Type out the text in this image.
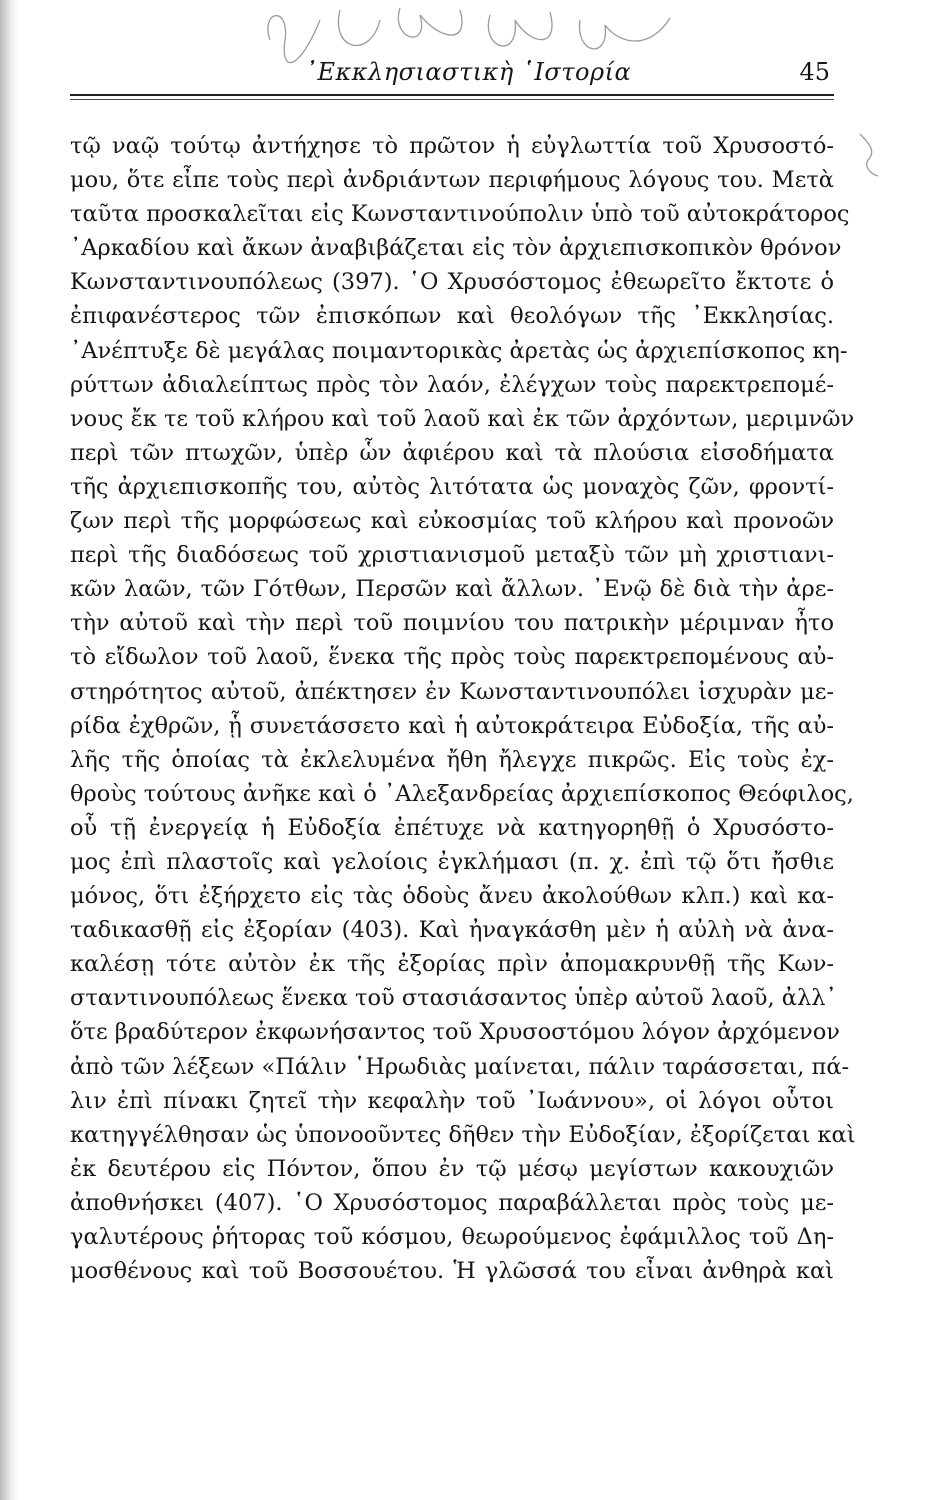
᾿Εκκλησιαστικὴ ῾Ιστορία	45
τῷ ναῷ τούτῳ ἀντήχησε τὸ πρῶτον ἡ εὐγλωττία τοῦ Χρυσοστό-
μου, ὅτε εἶπε τοὺς περὶ ἀνδριάντων περιφήμους λόγους του. Μετὰ
ταῦτα προσκαλεῖται εἰς Κωνσταντινούπολιν ὑπὸ τοῦ αὐτοκράτορος
᾿Αρκαδίου καὶ ἄκων ἀναβιβάζεται εἰς τὸν ἀρχιεπισκοπικὸν θρόνον
Κωνσταντινουπόλεως (397). ῾Ο Χρυσόστομος ἐθεωρεῖτο ἔκτοτε ὁ
ἐπιφανέστερος τῶν ἐπισκόπων καὶ θεολόγων τῆς ᾿Εκκλησίας.
᾿Ανέπτυξε δὲ μεγάλας ποιμαντορικὰς ἀρετὰς ὡς ἀρχιεπίσκοπος κη-
ρύττων ἀδιαλείπτως πρὸς τὸν λαόν, ἐλέγχων τοὺς παρεκτρεπομέ-
νους ἔκ τε τοῦ κλήρου καὶ τοῦ λαοῦ καὶ ἐκ τῶν ἀρχόντων, μεριμνῶν
περὶ τῶν πτωχῶν, ὑπὲρ ὧν ἀφιέρου καὶ τὰ πλούσια εἰσοδήματα
τῆς ἀρχιεπισκοπῆς του, αὐτὸς λιτότατα ὡς μοναχὸς ζῶν, φροντί-
ζων περὶ τῆς μορφώσεως καὶ εὐκοσμίας τοῦ κλήρου καὶ προνοῶν
περὶ τῆς διαδόσεως τοῦ χριστιανισμοῦ μεταξὺ τῶν μὴ χριστιανι-
κῶν λαῶν, τῶν Γότθων, Περσῶν καὶ ἄλλων. ᾿Ενῷ δὲ διὰ τὴν ἀρε-
τὴν αὐτοῦ καὶ τὴν περὶ τοῦ ποιμνίου του πατρικὴν μέριμναν ἦτο
τὸ εἴδωλον τοῦ λαοῦ, ἕνεκα τῆς πρὸς τοὺς παρεκτρεπομένους αὐ-
στηρότητος αὐτοῦ, ἀπέκτησεν ἐν Κωνσταντινουπόλει ἰσχυρὰν με-
ρίδα ἐχθρῶν, ᾗ συνετάσσετο καὶ ἡ αὐτοκράτειρα Εὐδοξία, τῆς αὐ-
λῆς τῆς ὁποίας τὰ ἐκλελυμένα ἤθη ἤλεγχε πικρῶς. Εἰς τοὺς ἐχ-
θροὺς τούτους ἀνῆκε καὶ ὁ ᾿Αλεξανδρείας ἀρχιεπίσκοπος Θεόφιλος,
οὗ τῇ ἐνεργείᾳ ἡ Εὐδοξία ἐπέτυχε νὰ κατηγορηθῇ ὁ Χρυσόστο-
μος ἐπὶ πλαστοῖς καὶ γελοίοις ἐγκλήμασι (π. χ. ἐπὶ τῷ ὅτι ἤσθιε
μόνος, ὅτι ἐξήρχετο εἰς τὰς ὁδοὺς ἄνευ ἀκολούθων κλπ.) καὶ κα-
ταδικασθῇ εἰς ἐξορίαν (403). Καὶ ἠναγκάσθη μὲν ἡ αὐλὴ νὰ ἀνα-
καλέσῃ τότε αὐτὸν ἐκ τῆς ἐξορίας πρὶν ἀπομακρυνθῇ τῆς Κων-
σταντινουπόλεως ἕνεκα τοῦ στασιάσαντος ὑπὲρ αὐτοῦ λαοῦ, ἀλλ᾿
ὅτε βραδύτερον ἐκφωνήσαντος τοῦ Χρυσοστόμου λόγον ἀρχόμενον
ἀπὸ τῶν λέξεων «Πάλιν ῾Ηρωδιὰς μαίνεται, πάλιν ταράσσεται, πά-
λιν ἐπὶ πίνακι ζητεῖ τὴν κεφαλὴν τοῦ ᾿Ιωάννου», οἱ λόγοι οὗτοι
κατηγγέλθησαν ὡς ὑπονοοῦντες δῆθεν τὴν Εὐδοξίαν, ἐξορίζεται καὶ
ἐκ δευτέρου εἰς Πόντον, ὅπου ἐν τῷ μέσῳ μεγίστων κακουχιῶν
ἀποθνήσκει (407). ῾Ο Χρυσόστομος παραβάλλεται πρὸς τοὺς με-
γαλυτέρους ῥήτορας τοῦ κόσμου, θεωρούμενος ἐφάμιλλος τοῦ Δη-
μοσθένους καὶ τοῦ Βοσσουέτου. Ἡ γλῶσσά του εἶναι ἀνθηρὰ καὶ
